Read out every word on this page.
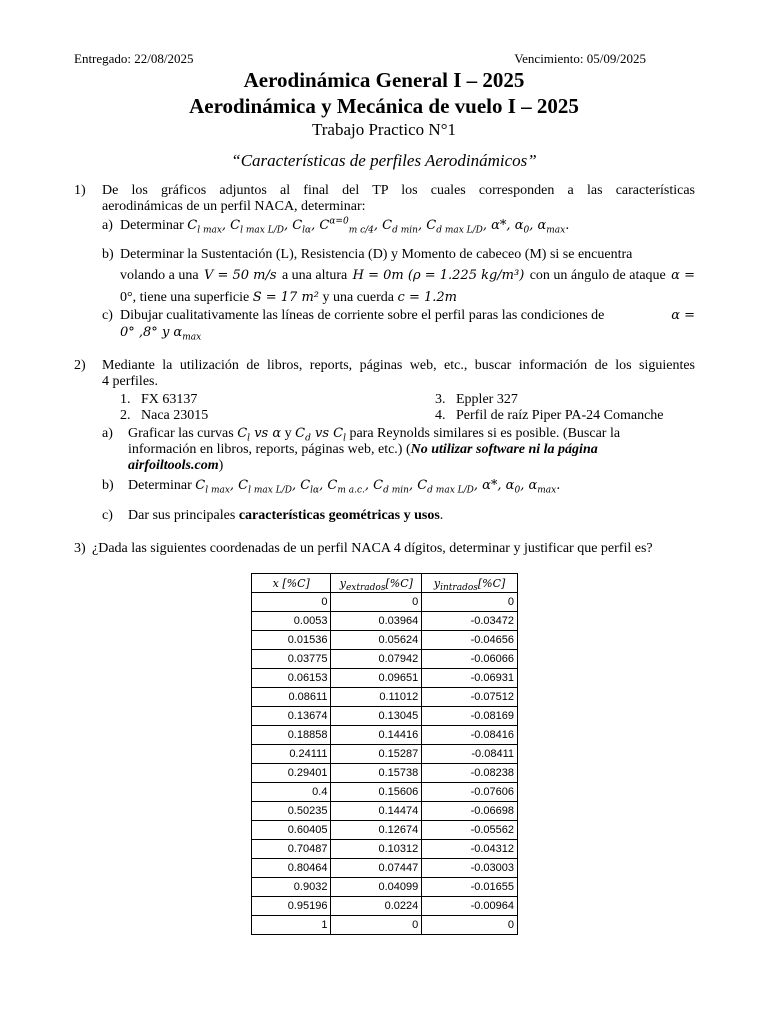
Entregado: 22/08/2025	Vencimiento: 05/09/2025
Aerodinámica General I – 2025
Aerodinámica y Mecánica de vuelo I – 2025
Trabajo Practico N°1
“Características de perfiles Aerodinámicos”
1) De los gráficos adjuntos al final del TP los cuales corresponden a las características
aerodinámicas de un perfil NACA, determinar:
a) Determinar $C_{l max}$, $C_{l max L/D}$, $C_{l\alpha}$, $C^{\alpha=0}_{m c/4}$, $C_{d min}$, $C_{d max L/D}$, α*, $\alpha_0$, $\alpha_{max}$.
b) Determinar la Sustentación (L), Resistencia (D) y Momento de cabeceo (M) si se encuentra
volando a una V = 50 m/s a una altura H = 0m (ρ = 1.225 kg/m³) con un ángulo de ataque α =
0°, tiene una superficie S = 17 m² y una cuerda c = 1.2m
c) Dibujar cualitativamente las líneas de corriente sobre el perfil paras las condiciones de	α =
0° ,8° y $\alpha_{max}$
2) Mediante la utilización de libros, reports, páginas web, etc., buscar información de los siguientes
4 perfiles.
1. FX 63137
2. Naca 23015
3. Eppler 327
4. Perfil de raíz Piper PA-24 Comanche
a) Graficar las curvas $C_l$ vs α y $C_d$ vs $C_l$ para Reynolds similares si es posible. (Buscar la
información en libros, reports, páginas web, etc.) (No utilizar software ni la página
airfoiltools.com)
b) Determinar $C_{l max}$, $C_{l max L/D}$, $C_{l\alpha}$, $C_{m a.c.}$, $C_{d min}$, $C_{d max L/D}$, α*, $\alpha_0$, $\alpha_{max}$.
c) Dar sus principales características geométricas y usos.
3) ¿Dada las siguientes coordenadas de un perfil NACA 4 dígitos, determinar y justificar que perfil es?
x [%C]	$y_{extrados}[\%C]$	$y_{intrados}[\%C]$
0	0	0
0.0053	0.03964	-0.03472
0.01536	0.05624	-0.04656
0.03775	0.07942	-0.06066
0.06153	0.09651	-0.06931
0.08611	0.11012	-0.07512
0.13674	0.13045	-0.08169
0.18858	0.14416	-0.08416
0.24111	0.15287	-0.08411
0.29401	0.15738	-0.08238
0.4	0.15606	-0.07606
0.50235	0.14474	-0.06698
0.60405	0.12674	-0.05562
0.70487	0.10312	-0.04312
0.80464	0.07447	-0.03003
0.9032	0.04099	-0.01655
0.95196	0.0224	-0.00964
1	0	0
